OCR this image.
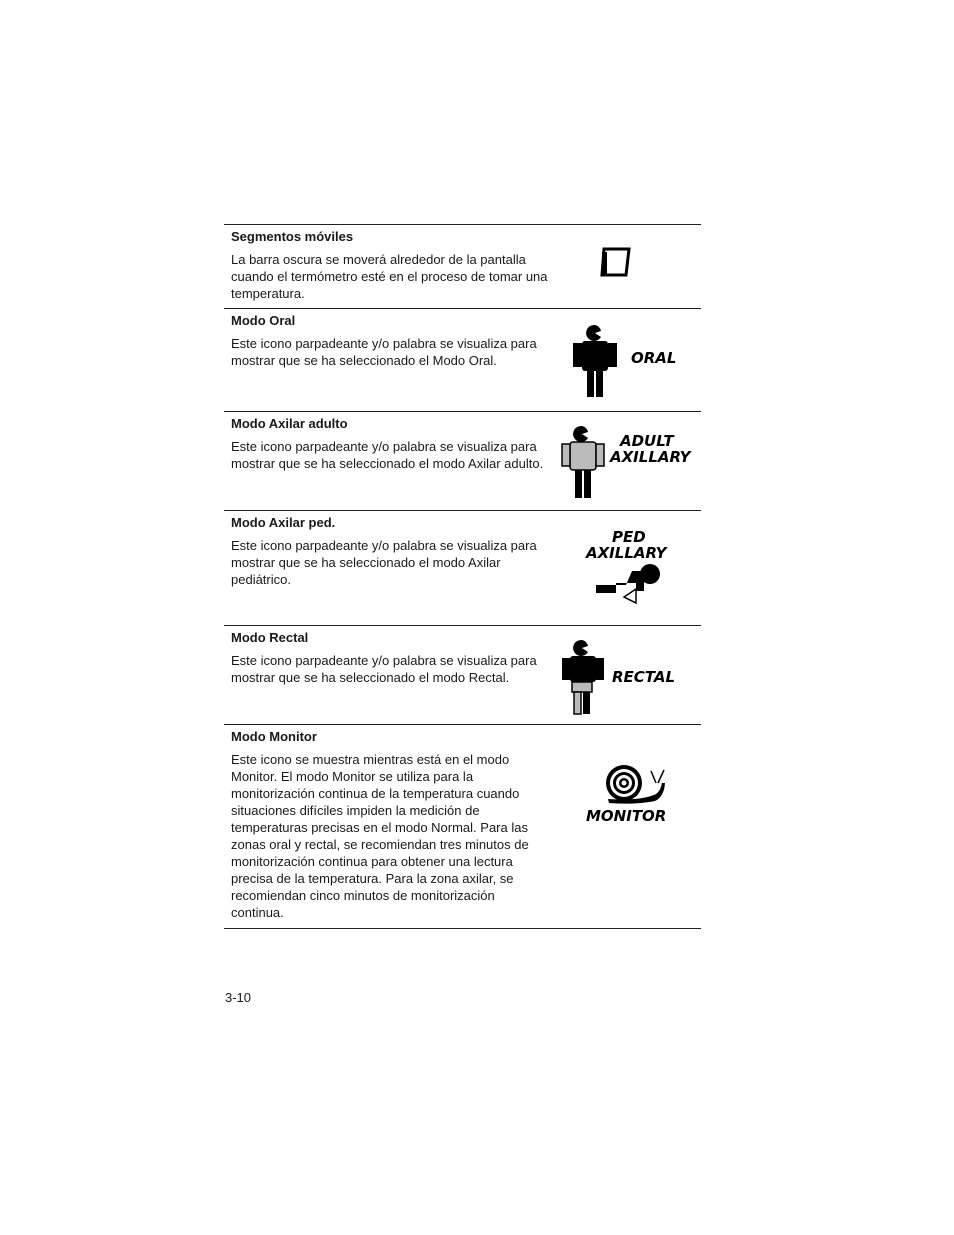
Segmentos móviles
La barra oscura se moverá alrededor de la pantalla cuando el termómetro esté en el proceso de tomar una temperatura.
Modo Oral
Este icono parpadeante y/o palabra se visualiza para mostrar que se ha seleccionado el Modo Oral.	ORAL
Modo Axilar adulto
Este icono parpadeante y/o palabra se visualiza para mostrar que se ha seleccionado el modo Axilar adulto.
ADULT
AXILLARY
Modo Axilar ped.
Este icono parpadeante y/o palabra se visualiza para mostrar que se ha seleccionado el modo Axilar pediátrico.
PED
AXILLARY
Modo Rectal
Este icono parpadeante y/o palabra se visualiza para mostrar que se ha seleccionado el modo Rectal.	RECTAL
Modo Monitor
Este icono se muestra mientras está en el modo Monitor. El modo Monitor se utiliza para la monitorización continua de la temperatura cuando situaciones difíciles impiden la medición de temperaturas precisas en el modo Normal. Para las zonas oral y rectal, se recomiendan tres minutos de monitorización continua para obtener una lectura precisa de la temperatura. Para la zona axilar, se recomiendan cinco minutos de monitorización continua.
MONITOR
3-10
